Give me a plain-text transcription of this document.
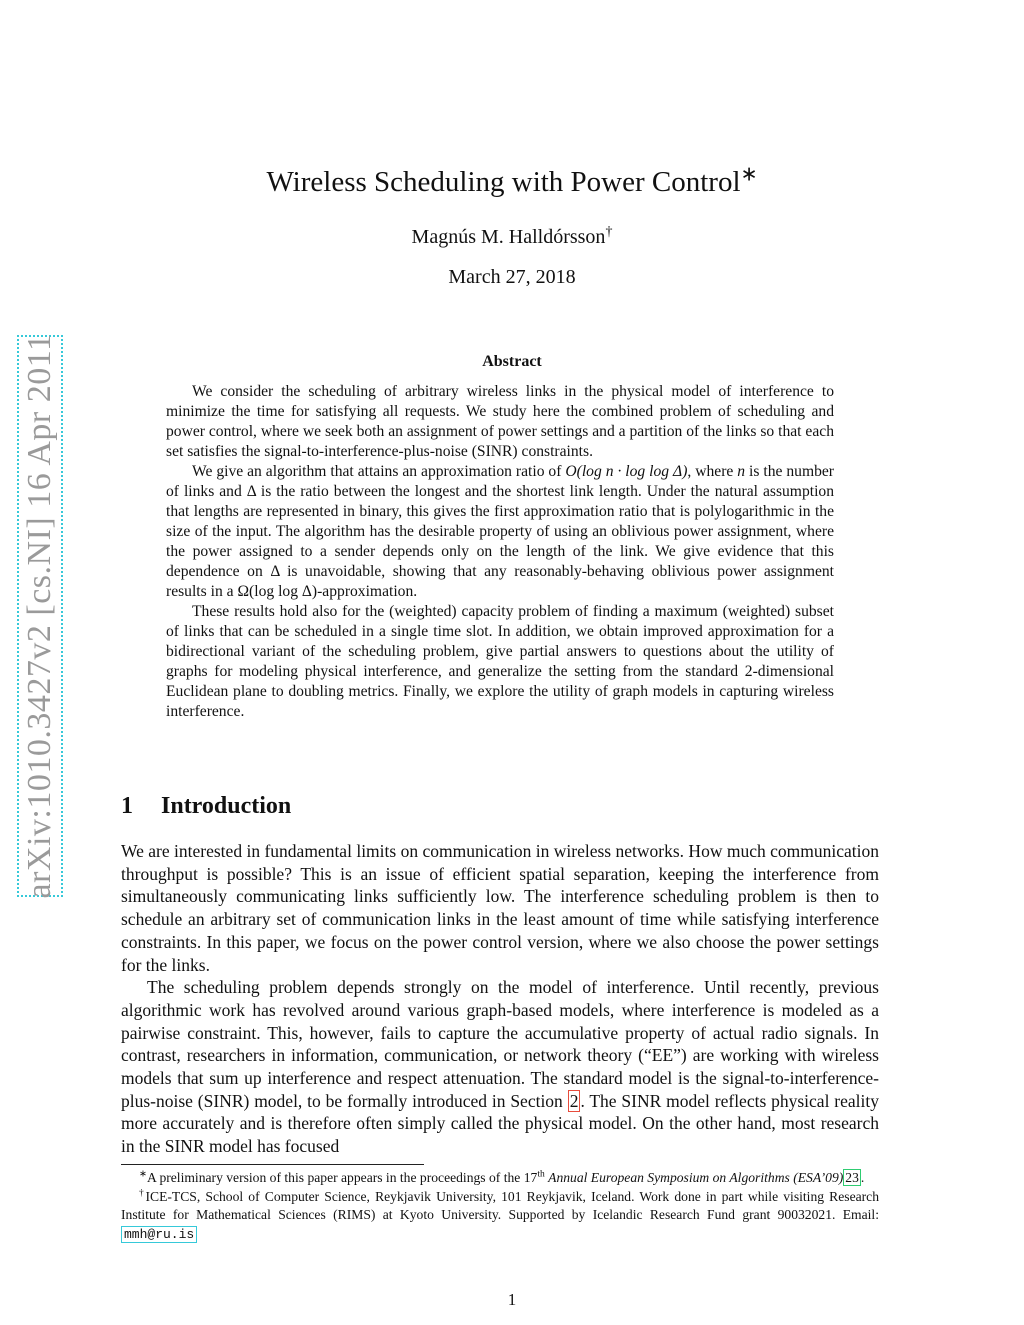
arXiv:1010.3427v2 [cs.NI] 16 Apr 2011
Wireless Scheduling with Power Control∗
Magnús M. Halldórsson†
March 27, 2018
Abstract

We consider the scheduling of arbitrary wireless links in the physical model of interference to minimize the time for satisfying all requests. We study here the combined problem of scheduling and power control, where we seek both an assignment of power settings and a partition of the links so that each set satisfies the signal-to-interference-plus-noise (SINR) constraints.

We give an algorithm that attains an approximation ratio of O(log n · log log Δ), where n is the number of links and Δ is the ratio between the longest and the shortest link length. Under the natural assumption that lengths are represented in binary, this gives the first approximation ratio that is polylogarithmic in the size of the input. The algorithm has the desirable property of using an oblivious power assignment, where the power assigned to a sender depends only on the length of the link. We give evidence that this dependence on Δ is unavoidable, showing that any reasonably-behaving oblivious power assignment results in a Ω(log log Δ)-approximation.

These results hold also for the (weighted) capacity problem of finding a maximum (weighted) subset of links that can be scheduled in a single time slot. In addition, we obtain improved approximation for a bidirectional variant of the scheduling problem, give partial answers to questions about the utility of graphs for modeling physical interference, and generalize the setting from the standard 2-dimensional Euclidean plane to doubling metrics. Finally, we explore the utility of graph models in capturing wireless interference.

1 Introduction

We are interested in fundamental limits on communication in wireless networks. How much communication throughput is possible? This is an issue of efficient spatial separation, keeping the interference from simultaneously communicating links sufficiently low. The interference scheduling problem is then to schedule an arbitrary set of communication links in the least amount of time while satisfying interference constraints. In this paper, we focus on the power control version, where we also choose the power settings for the links.

The scheduling problem depends strongly on the model of interference. Until recently, previous algorithmic work has revolved around various graph-based models, where interference is modeled as a pairwise constraint. This, however, fails to capture the accumulative property of actual radio signals. In contrast, researchers in information, communication, or network theory (“EE”) are working with wireless models that sum up interference and respect attenuation. The standard model is the signal-to-interference-plus-noise (SINR) model, to be formally introduced in Section 2 . The SINR model reflects physical reality more accurately and is therefore often simply called the physical model. On the other hand, most research in the SINR model has focused

∗A preliminary version of this paper appears in the proceedings of the 17th Annual European Symposium on Algorithms (ESA’09) 23 .

†ICE-TCS, School of Computer Science, Reykjavik University, 101 Reykjavik, Iceland. Work done in part while visiting Research Institute for Mathematical Sciences (RIMS) at Kyoto University. Supported by Icelandic Research Fund grant 90032021. Email: mmh@ru.is

1
